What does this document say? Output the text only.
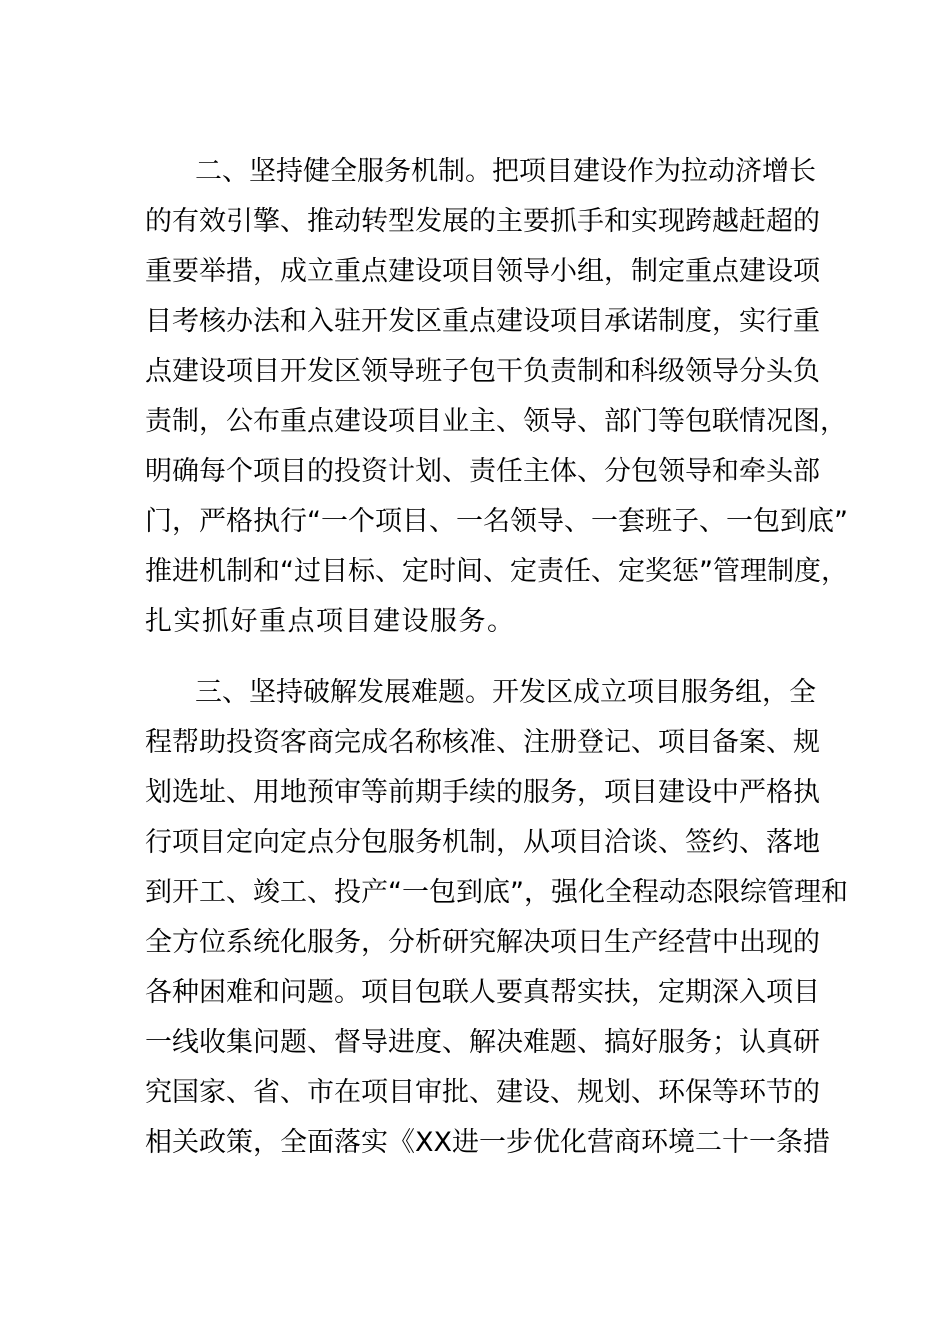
二、坚持健全服务机制。把项目建设作为拉动济增长
的有效引擎、推动转型发展的主要抓手和实现跨越赶超的
重要举措，成立重点建设项目领导小组，制定重点建设项
目考核办法和入驻开发区重点建设项目承诺制度，实行重
点建设项目开发区领导班子包干负责制和科级领导分头负
责制，公布重点建设项目业主、领导、部门等包联情况图，
明确每个项目的投资计划、责任主体、分包领导和牵头部
门，严格执行“一个项目、一名领导、一套班子、一包到底”
推进机制和“过目标、定时间、定责任、定奖惩”管理制度，
扎实抓好重点项目建设服务。
三、坚持破解发展难题。开发区成立项目服务组，全
程帮助投资客商完成名称核准、注册登记、项目备案、规
划选址、用地预审等前期手续的服务，项目建设中严格执
行项目定向定点分包服务机制，从项目洽谈、签约、落地
到开工、竣工、投产“一包到底”，强化全程动态限综管理和
全方位系统化服务，分析研究解决项日生产经营中出现的
各种困难和问题。项目包联人要真帮实扶，定期深入项目
一线收集问题、督导进度、解决难题、搞好服务；认真研
究国家、省、市在项目审批、建设、规划、环保等环节的
相关政策，全面落实《XX进一步优化营商环境二十一条措
